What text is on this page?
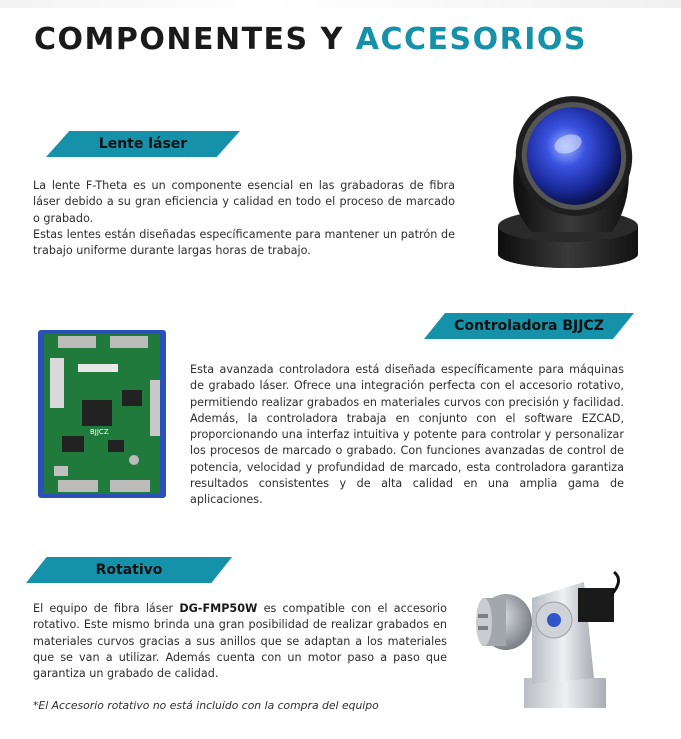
COMPONENTES Y ACCESORIOS
Lente láser
La lente F-Theta es un componente esencial en las grabadoras de fibra láser debido a su gran eficiencia y calidad en todo el proceso de marcado o grabado.
Estas lentes están diseñadas específicamente para mantener un patrón de trabajo uniforme durante largas horas de trabajo.
Controladora BJJCZ
BJJCZ
Esta avanzada controladora está diseñada específicamente para máquinas de grabado láser. Ofrece una integración perfecta con el accesorio rotativo, permitiendo realizar grabados en materiales curvos con precisión y facilidad. Además, la controladora trabaja en conjunto con el software EZCAD, proporcionando una interfaz intuitiva y potente para controlar y personalizar los procesos de marcado o grabado. Con funciones avanzadas de control de potencia, velocidad y profundidad de marcado, esta controladora garantiza resultados consistentes y de alta calidad en una amplia gama de aplicaciones.
Rotativo
El equipo de fibra láser DG-FMP50W es compatible con el accesorio rotativo. Este mismo brinda una gran posibilidad de realizar grabados en materiales curvos gracias a sus anillos que se adaptan a los materiales que se van a utilizar. Además cuenta con un motor paso a paso que garantiza un grabado de calidad.
*El Accesorio rotativo no está incluido con la compra del equipo
